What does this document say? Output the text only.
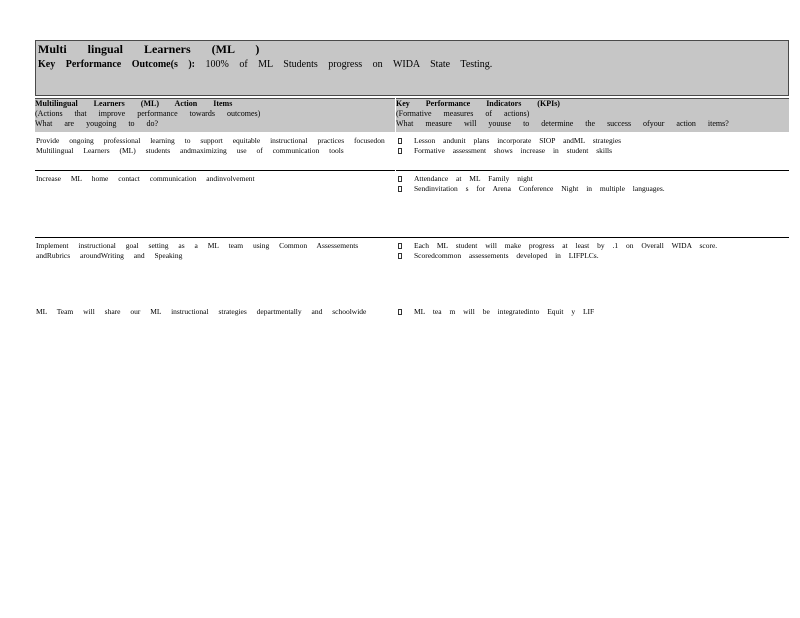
Multi lingual Learners (ML )
Key Performance Outcome(s ): 100% of ML Students progress on WIDA State Testing.
Multilingual Learners (ML) Action Items
(Actions that improve performance towards outcomes)
What are yougoing to do?
Key Performance Indicators (KPIs)
(Formative measures of actions)
What measure will youuse to determine the success ofyour action items?
Provide ongoing professional learning to support equitable instructional practices focusedon Multilingual Learners (ML) students andmaximizing use of communication tools
Lesson andunit plans incorporate SIOP andML strategies
Formative assessment shows increase in student skills
Increase ML home contact communication andinvolvement	Attendance at ML Family night
Sendinvitation s for Arena Conference Night in multiple languages.
Implement instructional goal setting as a ML team using Common Assessements andRubrics aroundWriting and Speaking
Each ML student will make progress at least by .1 on Overall WIDA score.
Scoredcommon assessements developed in LIFPLCs.
ML Team will share our ML instructional strategies departmentally and schoolwide	ML tea m will be integratedinto Equit y LIF
